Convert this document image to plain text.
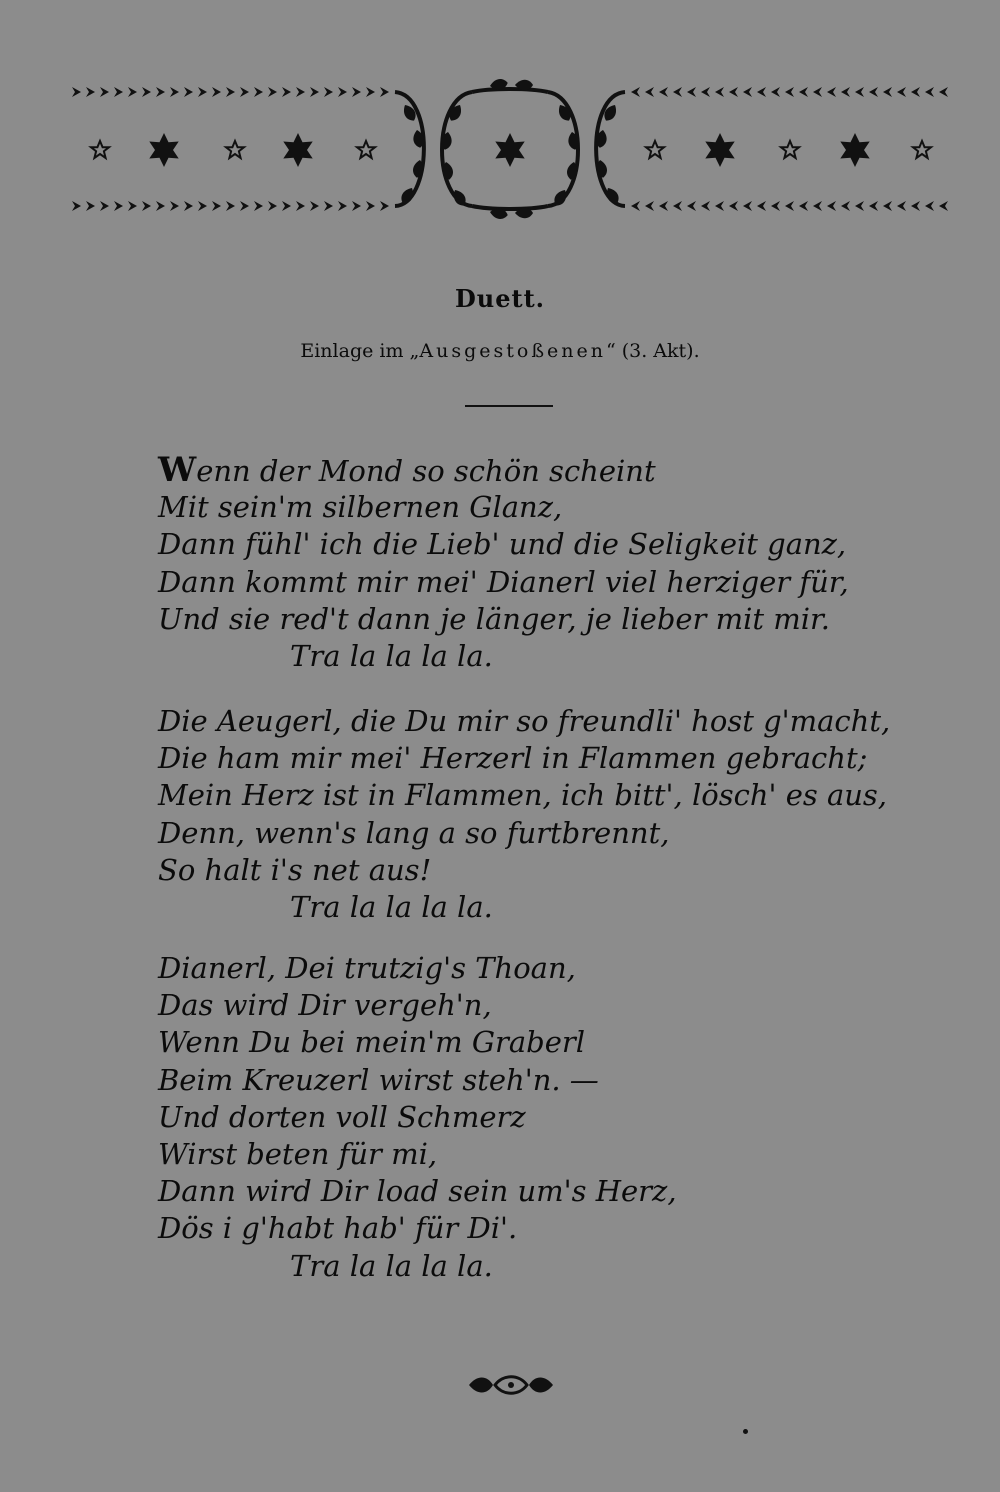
Duett.
Einlage im „Ausgestoßenen“ (3. Akt).
Wenn der Mond so schön scheint
Mit sein'm silbernen Glanz,
Dann fühl' ich die Lieb' und die Seligkeit ganz,
Dann kommt mir mei' Dianerl viel herziger für,
Und sie red't dann je länger, je lieber mit mir.
Tra la la la la.
Die Aeugerl, die Du mir so freundli' host g'macht,
Die ham mir mei' Herzerl in Flammen gebracht;
Mein Herz ist in Flammen, ich bitt', lösch' es aus,
Denn, wenn's lang a so furtbrennt,
So halt i's net aus!
Tra la la la la.
Dianerl, Dei trutzig's Thoan,
Das wird Dir vergeh'n,
Wenn Du bei mein'm Graberl
Beim Kreuzerl wirst steh'n. —
Und dorten voll Schmerz
Wirst beten für mi,
Dann wird Dir load sein um's Herz,
Dös i g'habt hab' für Di'.
Tra la la la la.
